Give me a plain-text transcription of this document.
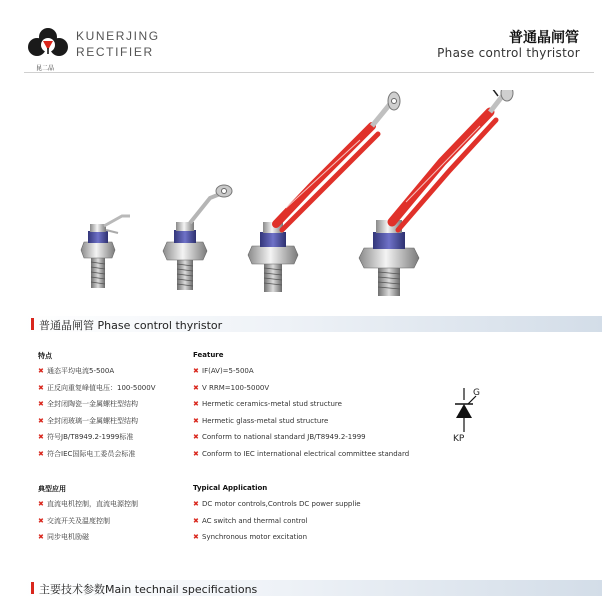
昆二晶
KUNERJING
RECTIFIER
普通晶闸管
Phase control thyristor
普通晶闸管 Phase control thyristor
特点
✖ 通态平均电流5-500A
✖ 正反向重复峰值电压：100-5000V
✖ 全封闭陶瓷一金属螺柱型结构
✖ 全封闭玻璃一金属螺柱型结构
✖ 符号JB/T8949.2-1999标准
✖ 符合IEC国际电工委员会标准
Feature
✖ IF(AV)=5-500A
✖ V RRM=100-5000V
✖ Hermetic ceramics-metal stud structure
✖ Hermetic glass-metal stud structure
✖ Conform to national standard JB/T8949.2-1999
✖ Conform to IEC international electrical committee standard
G
KP
典型应用
✖ 直流电机控制，直流电源控制
✖ 交流开关及温度控制
✖ 同步电机励磁
Typical Application
✖ DC motor controls,Controls DC power supplie
✖ AC switch and thermal control
✖ Synchronous motor excitation
主要技术参数Main technail specifications
